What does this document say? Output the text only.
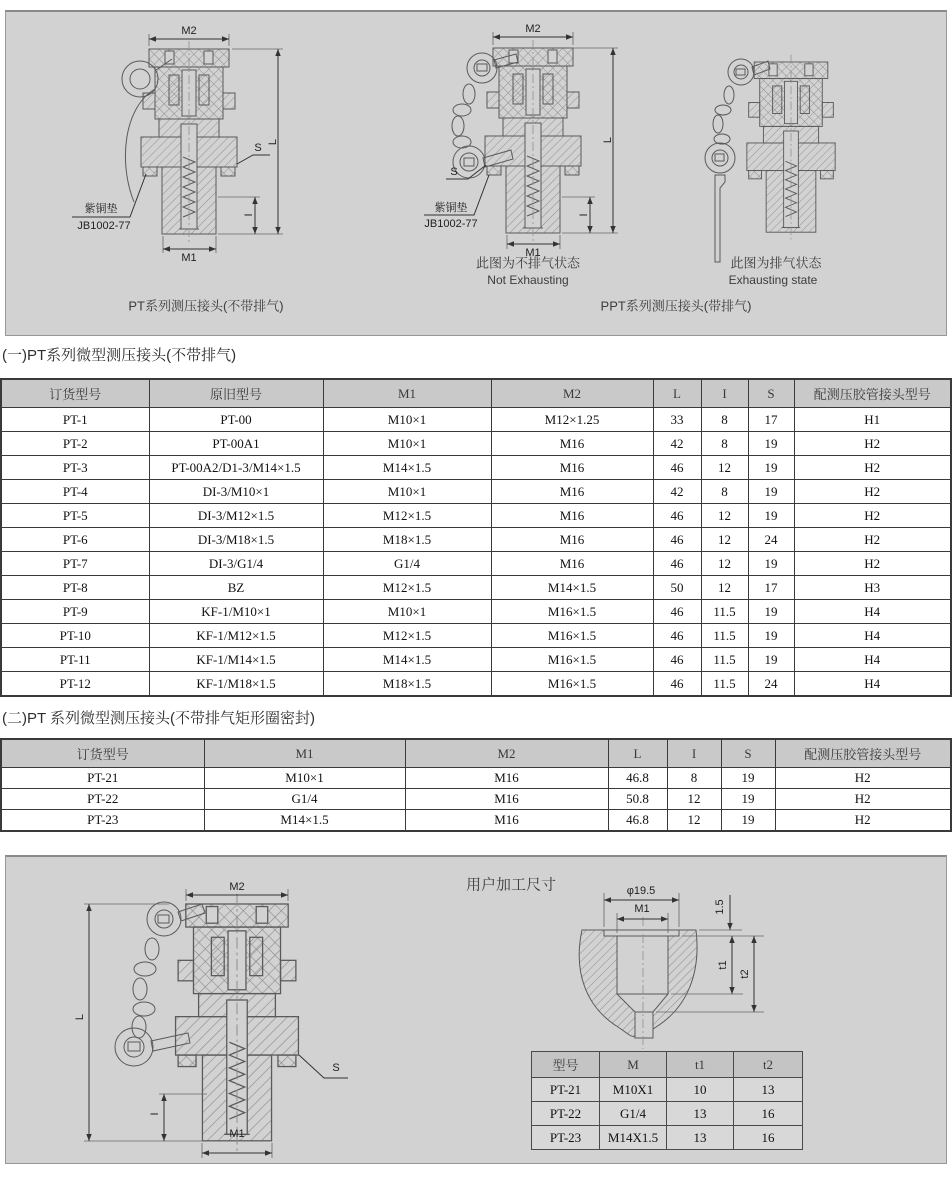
M2
L
S
I
M1
紫铜垫
JB1002-77
PT系列测压接头(不带排气)
M2
L
S
I
M1
紫铜垫
JB1002-77
此图为不排气状态
Not Exhausting
此图为排气状态
Exhausting state
PPT系列测压接头(带排气)
(一)PT系列微型测压接头(不带排气)
订货型号	原旧型号	M1	M2	L	I	S	配测压胶管接头型号
PT-1	PT-00	M10×1	M12×1.25	33	8	17	H1
PT-2	PT-00A1	M10×1	M16	42	8	19	H2
PT-3	PT-00A2/D1-3/M14×1.5	M14×1.5	M16	46	12	19	H2
PT-4	DI-3/M10×1	M10×1	M16	42	8	19	H2
PT-5	DI-3/M12×1.5	M12×1.5	M16	46	12	19	H2
PT-6	DI-3/M18×1.5	M18×1.5	M16	46	12	24	H2
PT-7	DI-3/G1/4	G1/4	M16	46	12	19	H2
PT-8	BZ	M12×1.5	M14×1.5	50	12	17	H3
PT-9	KF-1/M10×1	M10×1	M16×1.5	46	11.5	19	H4
PT-10	KF-1/M12×1.5	M12×1.5	M16×1.5	46	11.5	19	H4
PT-11	KF-1/M14×1.5	M14×1.5	M16×1.5	46	11.5	19	H4
PT-12	KF-1/M18×1.5	M18×1.5	M16×1.5	46	11.5	24	H4
(二)PT 系列微型测压接头(不带排气矩形圈密封)
订货型号	M1	M2	L	I	S	配测压胶管接头型号
PT-21	M10×1	M16	46.8	8	19	H2
PT-22	G1/4	M16	50.8	12	19	H2
PT-23	M14×1.5	M16	46.8	12	19	H2
M2
L
I
M1
S
用户加工尺寸	φ19.5
M1	1.5
t1
t2
型号	M	t1	t2
PT-21	M10X1	10	13
PT-22	G1/4	13	16
PT-23	M14X1.5	13	16
